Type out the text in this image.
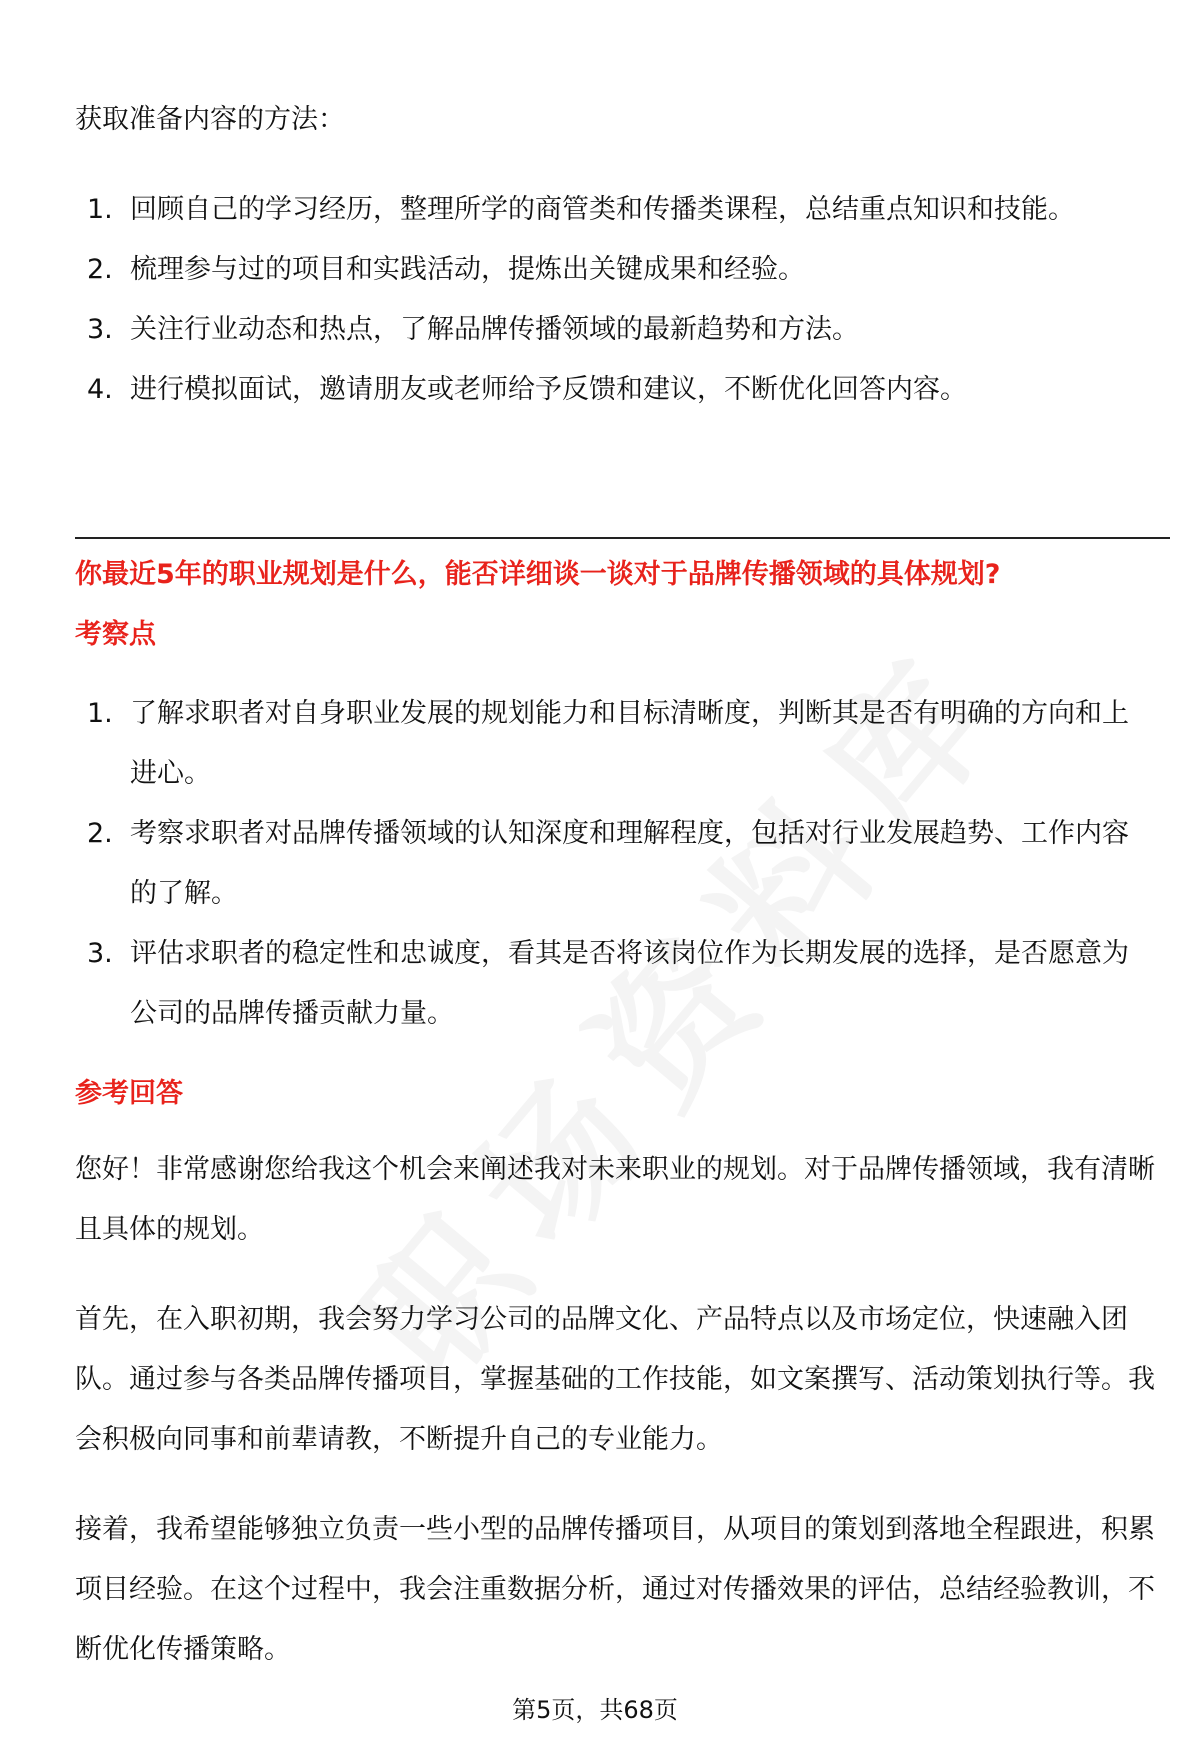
获取准备内容的方法：
1. 回顾自己的学习经历，整理所学的商管类和传播类课程，总结重点知识和技能。
2. 梳理参与过的项目和实践活动，提炼出关键成果和经验。
3. 关注行业动态和热点，了解品牌传播领域的最新趋势和方法。
4. 进行模拟面试，邀请朋友或老师给予反馈和建议，不断优化回答内容。
你最近5年的职业规划是什么，能否详细谈一谈对于品牌传播领域的具体规划?
考察点
1. 了解求职者对自身职业发展的规划能力和目标清晰度，判断其是否有明确的方向和上进心。
2. 考察求职者对品牌传播领域的认知深度和理解程度，包括对行业发展趋势、工作内容的了解。
3. 评估求职者的稳定性和忠诚度，看其是否将该岗位作为长期发展的选择，是否愿意为公司的品牌传播贡献力量。
参考回答
您好！非常感谢您给我这个机会来阐述我对未来职业的规划。对于品牌传播领域，我有清晰且具体的规划。
首先，在入职初期，我会努力学习公司的品牌文化、产品特点以及市场定位，快速融入团队。通过参与各类品牌传播项目，掌握基础的工作技能，如文案撰写、活动策划执行等。我会积极向同事和前辈请教，不断提升自己的专业能力。
接着，我希望能够独立负责一些小型的品牌传播项目，从项目的策划到落地全程跟进，积累项目经验。在这个过程中，我会注重数据分析，通过对传播效果的评估，总结经验教训，不断优化传播策略。
第5页，共68页
